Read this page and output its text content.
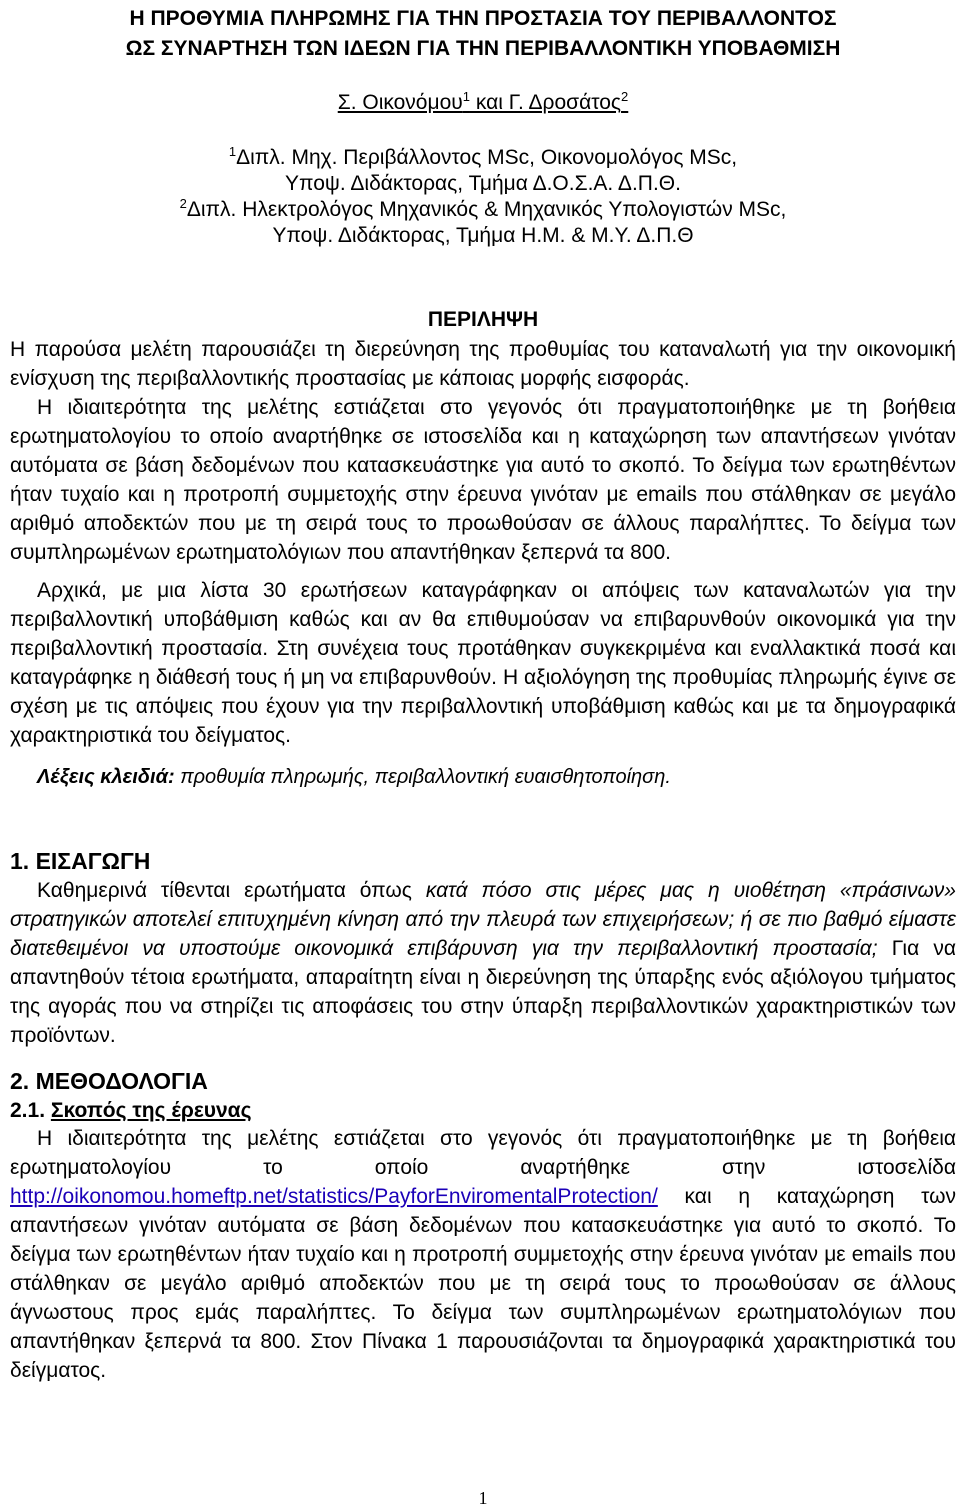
Η ΠΡΟΘΥΜΙΑ ΠΛΗΡΩΜΗΣ ΓΙΑ ΤΗΝ ΠΡΟΣΤΑΣΙΑ ΤΟΥ ΠΕΡΙΒΑΛΛΟΝΤΟΣ
ΩΣ ΣΥΝΑΡΤΗΣΗ ΤΩΝ ΙΔΕΩΝ ΓΙΑ ΤΗΝ ΠΕΡΙΒΑΛΛΟΝΤΙΚΗ ΥΠΟΒΑΘΜΙΣΗ
Σ. Οικονόμου$^1$ και Γ. Δροσάτος$^2$
$^1$Διπλ. Μηχ. Περιβάλλοντος MSc, Οικονομολόγος MSc,
Υποψ. Διδάκτορας, Τμήμα Δ.Ο.Σ.Α. Δ.Π.Θ.
$^2$Διπλ. Ηλεκτρολόγος Μηχανικός & Μηχανικός Υπολογιστών MSc,
Υποψ. Διδάκτορας, Τμήμα Η.Μ. & Μ.Υ. Δ.Π.Θ
ΠΕΡΙΛΗΨΗ

Η παρούσα μελέτη παρουσιάζει τη διερεύνηση της προθυμίας του καταναλωτή για την οικονομική ενίσχυση της περιβαλλοντικής προστασίας με κάποιας μορφής εισφοράς.

Η ιδιαιτερότητα της μελέτης εστιάζεται στο γεγονός ότι πραγματοποιήθηκε με τη βοήθεια ερωτηματολογίου το οποίο αναρτήθηκε σε ιστοσελίδα και η καταχώρηση των απαντήσεων γινόταν αυτόματα σε βάση δεδομένων που κατασκευάστηκε για αυτό το σκοπό. Το δείγμα των ερωτηθέντων ήταν τυχαίο και η προτροπή συμμετοχής στην έρευνα γινόταν με emails που στάλθηκαν σε μεγάλο αριθμό αποδεκτών που με τη σειρά τους το προωθούσαν σε άλλους παραλήπτες. Το δείγμα των συμπληρωμένων ερωτηματολόγιων που απαντήθηκαν ξεπερνά τα 800.

Αρχικά, με μια λίστα 30 ερωτήσεων καταγράφηκαν οι απόψεις των καταναλωτών για την περιβαλλοντική υποβάθμιση καθώς και αν θα επιθυμούσαν να επιβαρυνθούν οικονομικά για την περιβαλλοντική προστασία. Στη συνέχεια τους προτάθηκαν συγκεκριμένα και εναλλακτικά ποσά και καταγράφηκε η διάθεσή τους ή μη να επιβαρυνθούν. Η αξιολόγηση της προθυμίας πληρωμής έγινε σε σχέση με τις απόψεις που έχουν για την περιβαλλοντική υποβάθμιση καθώς και με τα δημογραφικά χαρακτηριστικά του δείγματος.

Λέξεις κλειδιά: προθυμία πληρωμής, περιβαλλοντική ευαισθητοποίηση.
1. ΕΙΣΑΓΩΓΗ

Καθημερινά τίθενται ερωτήματα όπως κατά πόσο στις μέρες μας η υιοθέτηση «πράσινων» στρατηγικών αποτελεί επιτυχημένη κίνηση από την πλευρά των επιχειρήσεων; ή σε πιο βαθμό είμαστε διατεθειμένοι να υποστούμε οικονομικά επιβάρυνση για την περιβαλλοντική προστασία; Για να απαντηθούν τέτοια ερωτήματα, απαραίτητη είναι η διερεύνηση της ύπαρξης ενός αξιόλογου τμήματος της αγοράς που να στηρίζει τις αποφάσεις του στην ύπαρξη περιβαλλοντικών χαρακτηριστικών των προϊόντων.

2. ΜΕΘΟΔΟΛΟΓΙΑ
2.1. Σκοπός της έρευνας

Η ιδιαιτερότητα της μελέτης εστιάζεται στο γεγονός ότι πραγματοποιήθηκε με τη βοήθεια ερωτηματολογίου το οποίο αναρτήθηκε στην ιστοσελίδα http://oikonomou.homeftp.net/statistics/PayforEnviromentalProtection/ και η καταχώρηση των απαντήσεων γινόταν αυτόματα σε βάση δεδομένων που κατασκευάστηκε για αυτό το σκοπό. Το δείγμα των ερωτηθέντων ήταν τυχαίο και η προτροπή συμμετοχής στην έρευνα γινόταν με emails που στάλθηκαν σε μεγάλο αριθμό αποδεκτών που με τη σειρά τους το προωθούσαν σε άλλους άγνωστους προς εμάς παραλήπτες. Το δείγμα των συμπληρωμένων ερωτηματολόγιων που απαντήθηκαν ξεπερνά τα 800. Στον Πίνακα 1 παρουσιάζονται τα δημογραφικά χαρακτηριστικά του δείγματος.

1
